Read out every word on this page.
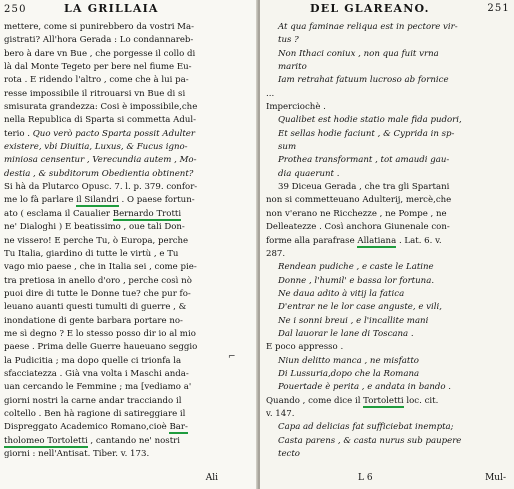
250	LA GRILLAIA
mettere, come si punirebbero da vostri Ma-
gistrati? All'hora Gerada : Lo condannareb-
bero à dare vn Bue , che porgesse il collo di
là dal Monte Tegeto per bere nel fiume Eu-
rota . E ridendo l'altro , come che à lui pa-
resse impossibile il ritrouarsi vn Bue di si
smisurata grandezza: Cosi è impossibile,che
nella Republica di Sparta si commetta Adul-
terio . Quo verò pacto Sparta possit Adulter
existere, vbi Diuitia, Luxus, & Fucus igno-
miniosa censentur , Verecundia autem , Mo-
destia , & subditorum Obedientia obtinent?
Si hà da Plutarco Opusc. 7. l. p. 379. confor-
me lo fà parlare il Silandri . O paese fortun-
ato ( esclama il Caualier Bernardo Trotti
ne' Dialoghi ) E beatissimo , oue tali Don-
ne vissero! E perche Tu, ò Europa, perche
Tu Italia, giardino di tutte le virtù , e Tu
vago mio paese , che in Italia sei , come pie-
tra pretiosa in anello d'oro , perche così nò
puoi dire di tutte le Donne tue? che pur fo-
leuano auanti questi tumulti di guerre , &
inondatione di gente barbara portare no-
me sì degno ? E lo stesso posso dir io al mio
paese . Prima delle Guerre haueuano seggio
la Pudicitia ; ma dopo quelle ci trionfa la
sfacciatezza . Già vna volta i Maschi anda-
uan cercando le Femmine ; ma [vediamo a'
giorni nostri la carne andar tracciando il
coltello . Ben hà ragione di satireggiare il
Dispreggato Academico Romano,cioè Bar-
tholomeo Tortoletti , cantando ne' nostri
giorni : nell'Antisat. Tiber. v. 173.
⌐
Ali
DEL GLAREANO.	251
At qua faminae reliqua est in pectore vir-
tus ?
Non Ithaci coniux , non qua fuit vrna
marito
Iam retrahat fatuum lucroso ab fornice
...
Imperciochè .
Qualibet est hodie statio male fida pudori,
Et sellas hodie faciunt , & Cyprida in sp-
sum
Prothea transformant , tot amaudi gau-
dia quaerunt .
39 Diceua Gerada , che tra gli Spartani
non si commetteuano Adulterij, mercè,che
non v'erano ne Ricchezze , ne Pompe , ne
Delleatezze . Così anchora Giunenale con-
forme alla parafrase Allatiana . Lat. 6. v.
287.
Rendean pudiche , e caste le Latine
Donne , l'humil' e bassa lor fortuna.
Ne daua adito à vitij la fatica
D'entrar ne le lor case anguste, e vili,
Ne i sonni breui , e l'incallite mani
Dal lauorar le lane di Toscana .
E poco appresso .
Niun delitto manca , ne misfatto
Di Lussuria,dopo che la Romana
Pouertade è perita , e andata in bando .
Quando , come dice il Tortoletti loc. cit.
v. 147.
Capa ad delicias fat sufficiebat inempta;
Casta parens , & casta nurus sub paupere
tecto
L 6	Mul-
